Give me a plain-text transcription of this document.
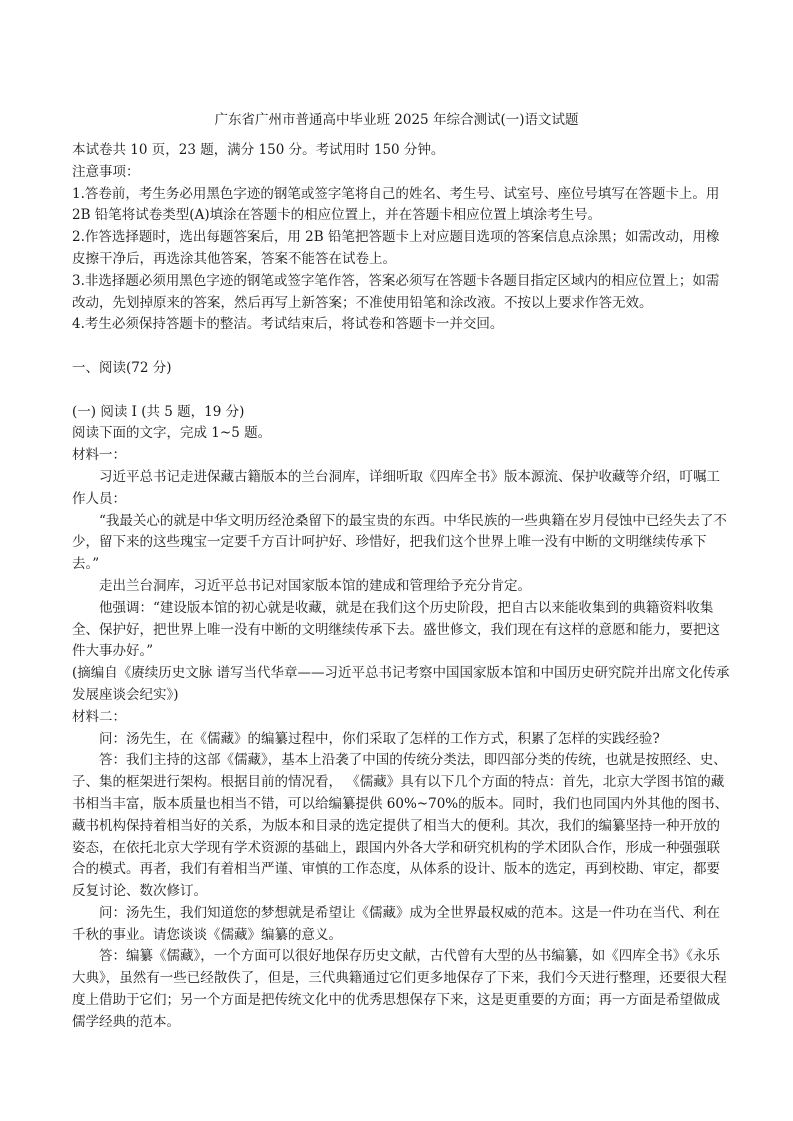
广东省广州市普通高中毕业班 2025 年综合测试(一)语文试题

本试卷共 10 页，23 题，满分 150 分。考试用时 150 分钟。

注意事项：

1.答卷前，考生务必用黑色字迹的钢笔或签字笔将自己的姓名、考生号、试室号、座位号填写在答题卡上。用 2B 铅笔将试卷类型(A)填涂在答题卡的相应位置上，并在答题卡相应位置上填涂考生号。

2.作答选择题时，选出每题答案后，用 2B 铅笔把答题卡上对应题目选项的答案信息点涂黑；如需改动，用橡皮擦干净后，再选涂其他答案，答案不能答在试卷上。

3.非选择题必须用黑色字迹的钢笔或签字笔作答，答案必须写在答题卡各题目指定区域内的相应位置上；如需改动，先划掉原来的答案，然后再写上新答案；不准使用铅笔和涂改液。不按以上要求作答无效。

4.考生必须保持答题卡的整洁。考试结束后，将试卷和答题卡一并交回。

一、阅读(72 分)

(一) 阅读 I (共 5 题，19 分)

阅读下面的文字，完成 1~5 题。

材料一：

习近平总书记走进保藏古籍版本的兰台洞库，详细听取《四库全书》版本源流、保护收藏等介绍，叮嘱工作人员：

“我最关心的就是中华文明历经沧桑留下的最宝贵的东西。中华民族的一些典籍在岁月侵蚀中已经失去了不少，留下来的这些瑰宝一定要千方百计呵护好、珍惜好，把我们这个世界上唯一没有中断的文明继续传承下去。”

走出兰台洞库，习近平总书记对国家版本馆的建成和管理给予充分肯定。

他强调：“建设版本馆的初心就是收藏，就是在我们这个历史阶段，把自古以来能收集到的典籍资料收集全、保护好，把世界上唯一没有中断的文明继续传承下去。盛世修文，我们现在有这样的意愿和能力，要把这件大事办好。”

(摘编自《赓续历史文脉 谱写当代华章——习近平总书记考察中国国家版本馆和中国历史研究院并出席文化传承发展座谈会纪实》)

材料二：

问：汤先生，在《儒藏》的编纂过程中，你们采取了怎样的工作方式，积累了怎样的实践经验?

答：我们主持的这部《儒藏》，基本上沿袭了中国的传统分类法，即四部分类的传统，也就是按照经、史、子、集的框架进行架构。根据目前的情况看， 《儒藏》具有以下几个方面的特点：首先，北京大学图书馆的藏书相当丰富，版本质量也相当不错，可以给编纂提供 60%~70%的版本。同时，我们也同国内外其他的图书、藏书机构保持着相当好的关系，为版本和目录的选定提供了相当大的便利。其次，我们的编纂坚持一种开放的姿态，在依托北京大学现有学术资源的基础上，跟国内外各大学和研究机构的学术团队合作，形成一种强强联合的模式。再者，我们有着相当严谨、审慎的工作态度，从体系的设计、版本的选定，再到校勘、审定，都要反复讨论、数次修订。

问：汤先生，我们知道您的梦想就是希望让《儒藏》成为全世界最权威的范本。这是一件功在当代、利在千秋的事业。请您谈谈《儒藏》编纂的意义。

答：编纂《儒藏》，一个方面可以很好地保存历史文献，古代曾有大型的丛书编纂，如《四库全书》《永乐大典》，虽然有一些已经散佚了，但是，三代典籍通过它们更多地保存了下来，我们今天进行整理，还要很大程度上借助于它们；另一个方面是把传统文化中的优秀思想保存下来，这是更重要的方面；再一方面是希望做成儒学经典的范本。
